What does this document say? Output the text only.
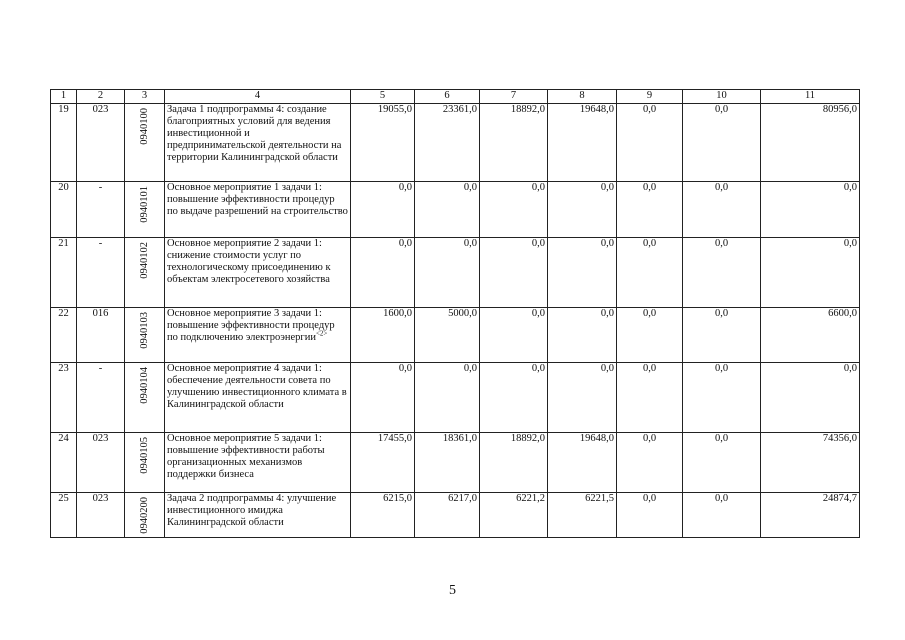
1	2	3	4	5	6	7	8	9	10	11
19	023	0940100	Задача 1 подпрограммы 4: создание благоприятных условий для ведения инвестиционной и предпринимательской деятельности на территории Калининградской области	19055,0	23361,0	18892,0	19648,0	0,0	0,0	80956,0
20	-	0940101	Основное мероприятие 1 задачи 1: повышение эффективности процедур по выдаче разрешений на строительство	0,0	0,0	0,0	0,0	0,0	0,0	0,0
21	-	0940102	Основное мероприятие 2 задачи 1: снижение стоимости услуг по технологическому присоединению к объектам электросетевого хозяйства	0,0	0,0	0,0	0,0	0,0	0,0	0,0
22	016	0940103	Основное мероприятие 3 задачи 1: повышение эффективности процедур по подключению электроэнергии$^{<2>}$	1600,0	5000,0	0,0	0,0	0,0	0,0	6600,0
23	-	0940104	Основное мероприятие 4 задачи 1: обеспечение деятельности совета по улучшению инвестиционного климата в Калининградской области	0,0	0,0	0,0	0,0	0,0	0,0	0,0
24	023	0940105	Основное мероприятие 5 задачи 1: повышение эффективности работы организационных механизмов поддержки бизнеса	17455,0	18361,0	18892,0	19648,0	0,0	0,0	74356,0
25	023	0940200	Задача 2 подпрограммы 4: улучшение инвестиционного имиджа Калининградской области	6215,0	6217,0	6221,2	6221,5	0,0	0,0	24874,7
5
